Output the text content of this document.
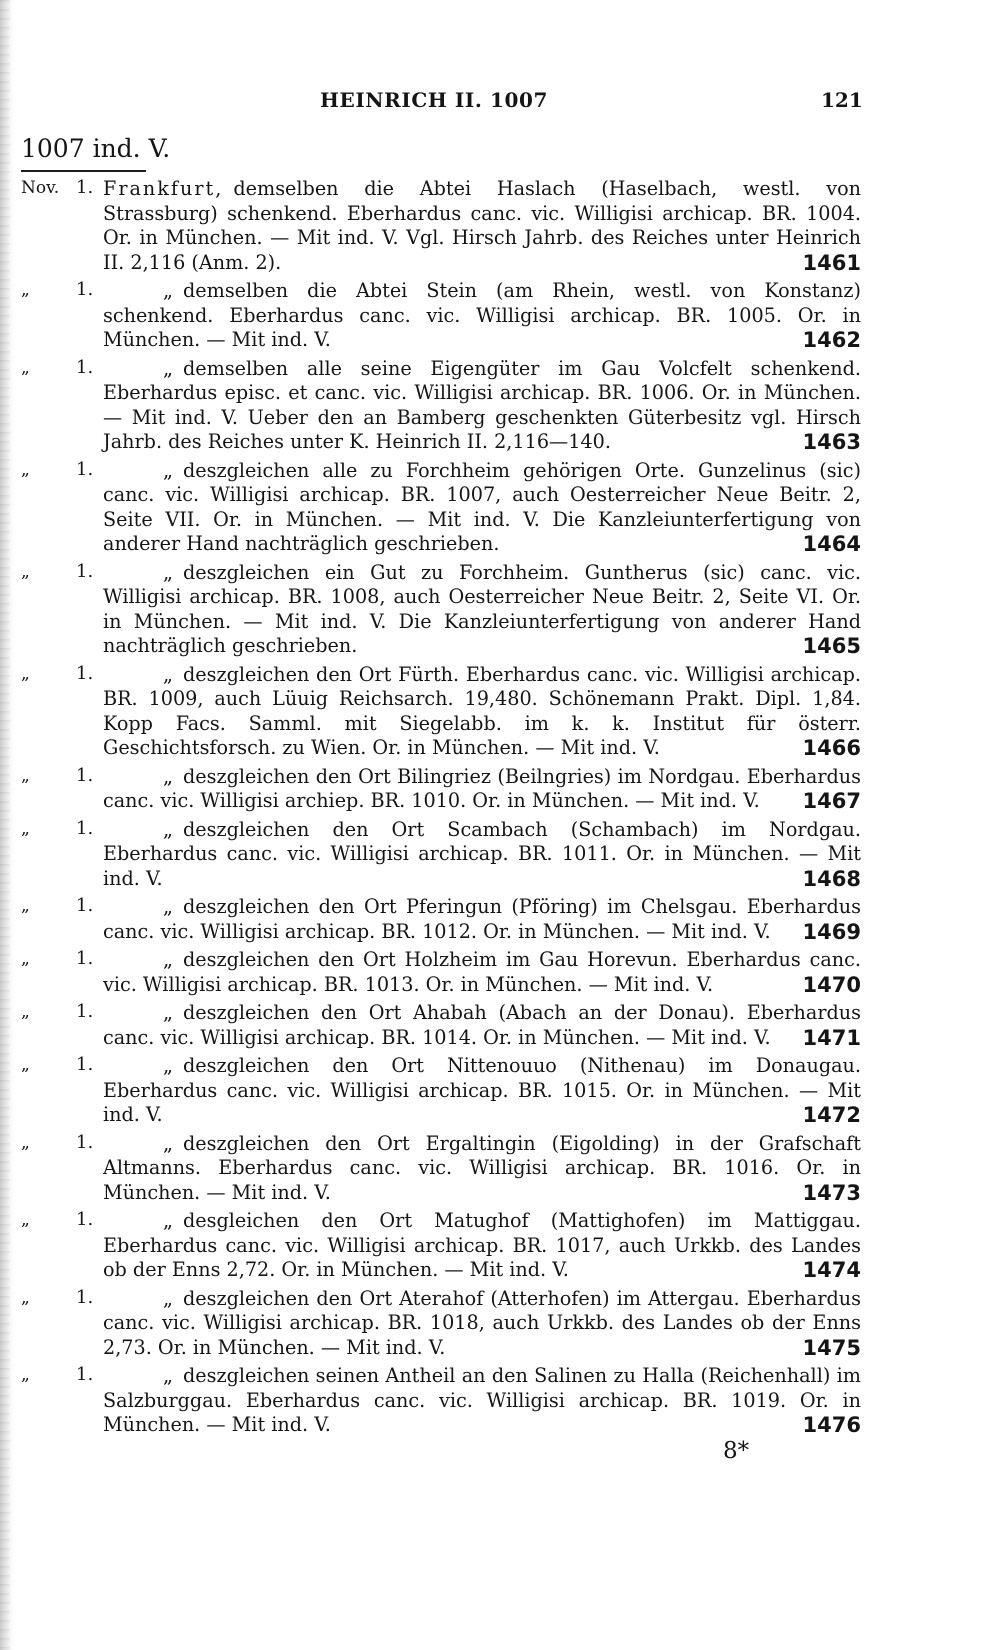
HEINRICH II. 1007	121
1007 ind. V.
Nov. 1. Frankfurt, demselben die Abtei Haslach (Haselbach, westl. von Strassburg) schenkend. Eberhardus canc. vic. Willigisi archicap. BR. 1004. Or. in München. — Mit ind. V. Vgl. Hirsch Jahrb. des Reiches unter Heinrich II. 2,116 (Anm. 2).	1461
„	1.	„ demselben die Abtei Stein (am Rhein, westl. von Konstanz) schenkend. Eberhardus canc. vic. Willigisi archicap. BR. 1005. Or. in München. — Mit ind. V.	1462
„	1.	„ demselben alle seine Eigengüter im Gau Volcfelt schenkend. Eberhardus episc. et canc. vic. Willigisi archicap. BR. 1006. Or. in München. — Mit ind. V. Ueber den an Bamberg geschenkten Güterbesitz vgl. Hirsch Jahrb. des Reiches unter K. Heinrich II. 2,116—140.	1463
„	1.	„ deszgleichen alle zu Forchheim gehörigen Orte. Gunzelinus (sic) canc. vic. Willigisi archicap. BR. 1007, auch Oesterreicher Neue Beitr. 2, Seite VII. Or. in München. — Mit ind. V. Die Kanzleiunterfertigung von anderer Hand nachträglich geschrieben.	1464
„	1.	„ deszgleichen ein Gut zu Forchheim. Guntherus (sic) canc. vic. Willigisi archicap. BR. 1008, auch Oesterreicher Neue Beitr. 2, Seite VI. Or. in München. — Mit ind. V. Die Kanzleiunterfertigung von anderer Hand nachträglich geschrieben.	1465
„	1.	„ deszgleichen den Ort Fürth. Eberhardus canc. vic. Willigisi archicap. BR. 1009, auch Lüuig Reichsarch. 19,480. Schönemann Prakt. Dipl. 1,84. Kopp Facs. Samml. mit Siegelabb. im k. k. Institut für österr. Geschichtsforsch. zu Wien. Or. in München. — Mit ind. V.	1466
„	1.	„ deszgleichen den Ort Bilingriez (Beilngries) im Nordgau. Eberhardus canc. vic. Willigisi archiep. BR. 1010. Or. in München. — Mit ind. V. 1467
„	1.	„ deszgleichen den Ort Scambach (Schambach) im Nordgau. Eberhardus canc. vic. Willigisi archicap. BR. 1011. Or. in München. — Mit ind. V.	1468
„	1.	„ deszgleichen den Ort Pferingun (Pföring) im Chelsgau. Eberhardus canc. vic. Willigisi archicap. BR. 1012. Or. in München. — Mit ind. V. 1469
„	1.	„ deszgleichen den Ort Holzheim im Gau Horevun. Eberhardus canc. vic. Willigisi archicap. BR. 1013. Or. in München. — Mit ind. V.	1470
„	1.	„ deszgleichen den Ort Ahabah (Abach an der Donau). Eberhardus canc. vic. Willigisi archicap. BR. 1014. Or. in München. — Mit ind. V. 1471
„	1.	„ deszgleichen den Ort Nittenouuo (Nithenau) im Donaugau. Eberhardus canc. vic. Willigisi archicap. BR. 1015. Or. in München. — Mit ind. V.	1472
„	1.	„ deszgleichen den Ort Ergaltingin (Eigolding) in der Grafschaft Altmanns. Eberhardus canc. vic. Willigisi archicap. BR. 1016. Or. in München. — Mit ind. V.	1473
„	1.	„ desgleichen den Ort Matughof (Mattighofen) im Mattiggau. Eberhardus canc. vic. Willigisi archicap. BR. 1017, auch Urkkb. des Landes ob der Enns 2,72. Or. in München. — Mit ind. V.	1474
„	1.	„ deszgleichen den Ort Aterahof (Atterhofen) im Attergau. Eberhardus canc. vic. Willigisi archicap. BR. 1018, auch Urkkb. des Landes ob der Enns 2,73. Or. in München. — Mit ind. V.	1475
„	1.	„ deszgleichen seinen Antheil an den Salinen zu Halla (Reichenhall) im Salzburggau. Eberhardus canc. vic. Willigisi archicap. BR. 1019. Or. in München. — Mit ind. V.	1476
8*
